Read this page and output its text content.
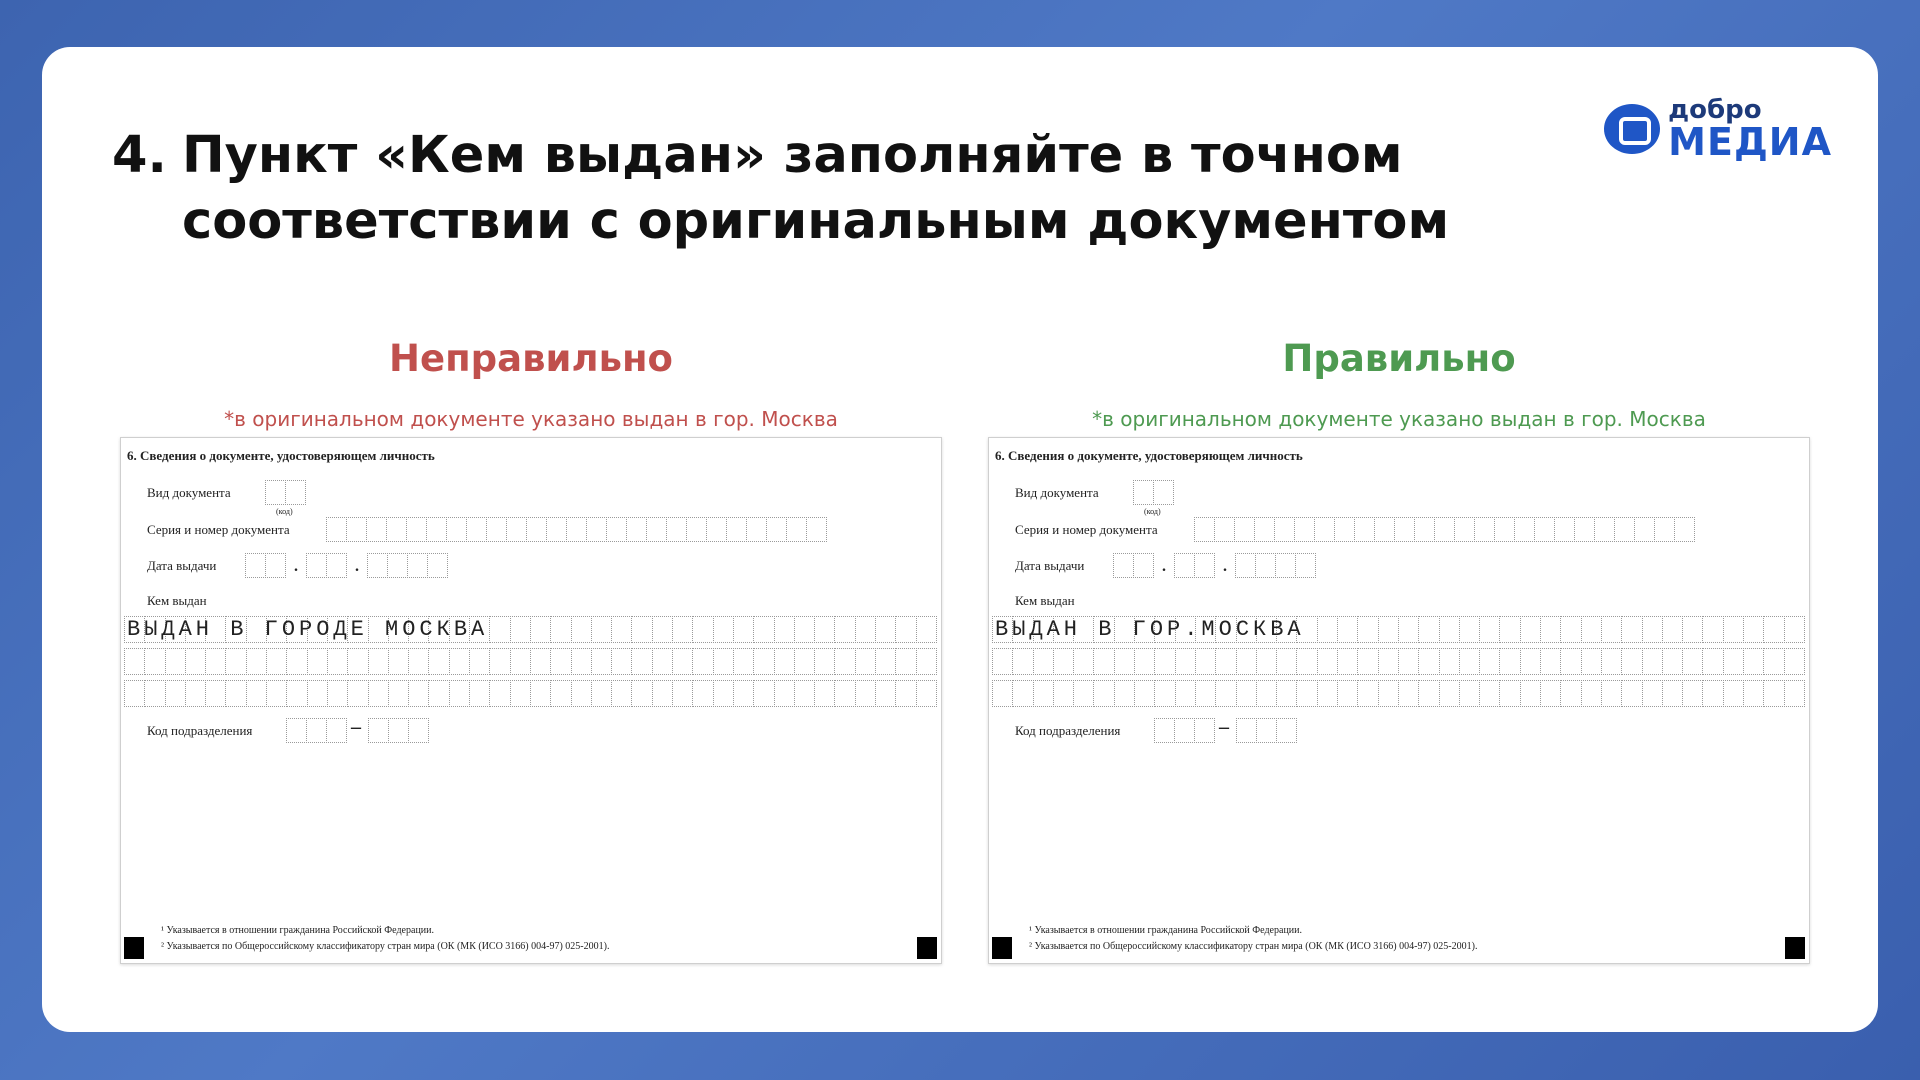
добро
МЕДИА
4. Пункт «Кем выдан» заполняйте в точном
соответствии с оригинальным документом
Неправильно
*в оригинальном документе указано выдан в гор. Москва
6. Сведения о документе, удостоверяющем личность
Вид документа
(код)
Серия и номер документа
Дата выдачи	.	.
Кем выдан
ВЫДАН В ГОРОДЕ МОСКВА
Код подразделения	–
¹ Указывается в отношении гражданина Российской Федерации.
² Указывается по Общероссийскому классификатору стран мира (ОК (МК (ИСО 3166) 004-97) 025-2001).
Правильно
*в оригинальном документе указано выдан в гор. Москва
6. Сведения о документе, удостоверяющем личность
Вид документа
(код)
Серия и номер документа
Дата выдачи	.	.
Кем выдан
ВЫДАН В ГОР.МОСКВА
Код подразделения	–
¹ Указывается в отношении гражданина Российской Федерации.
² Указывается по Общероссийскому классификатору стран мира (ОК (МК (ИСО 3166) 004-97) 025-2001).
